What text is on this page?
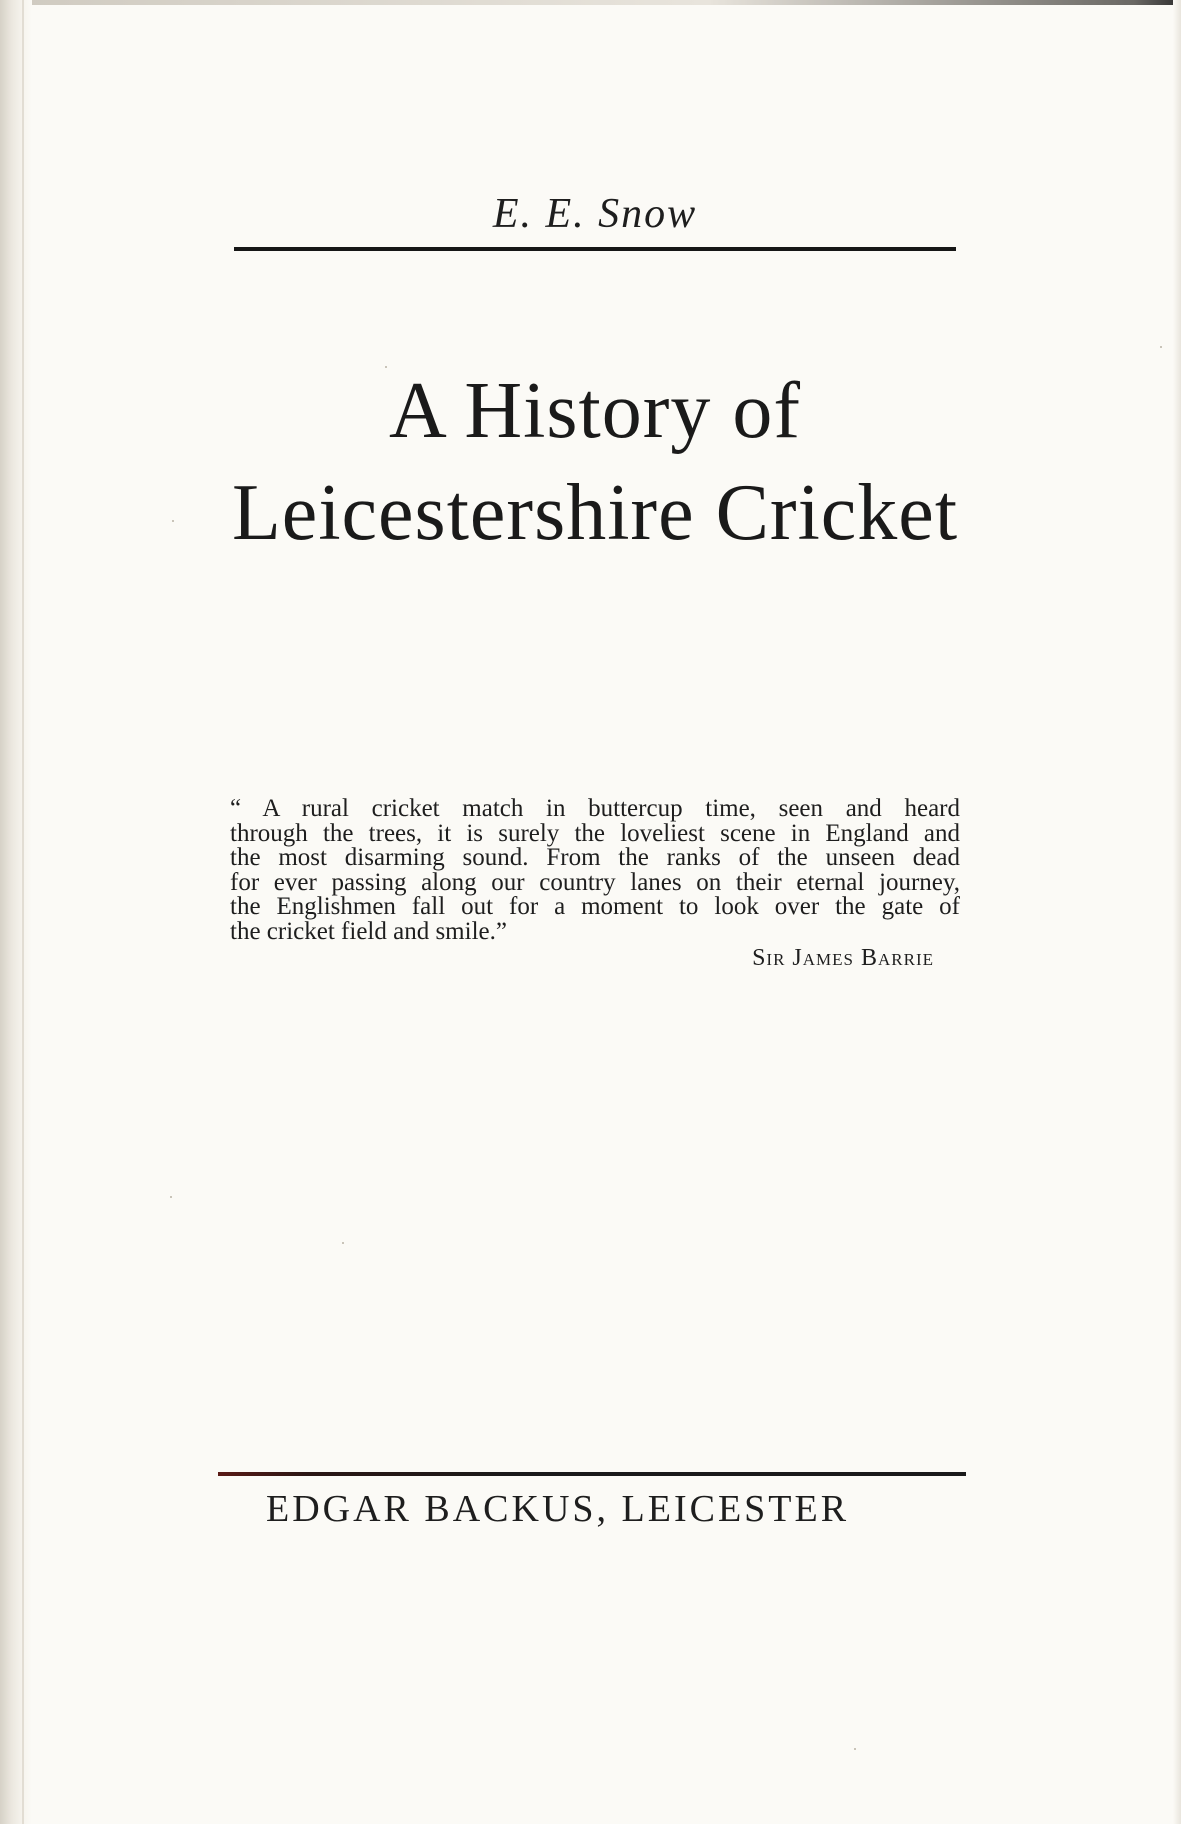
E. E. Snow
A History of
Leicestershire Cricket
“ A rural cricket match in buttercup time, seen and heard
through the trees, it is surely the loveliest scene in England and
the most disarming sound. From the ranks of the unseen dead
for ever passing along our country lanes on their eternal journey,
the Englishmen fall out for a moment to look over the gate of
the cricket field and smile.”
Sir James Barrie
EDGAR BACKUS, LEICESTER
